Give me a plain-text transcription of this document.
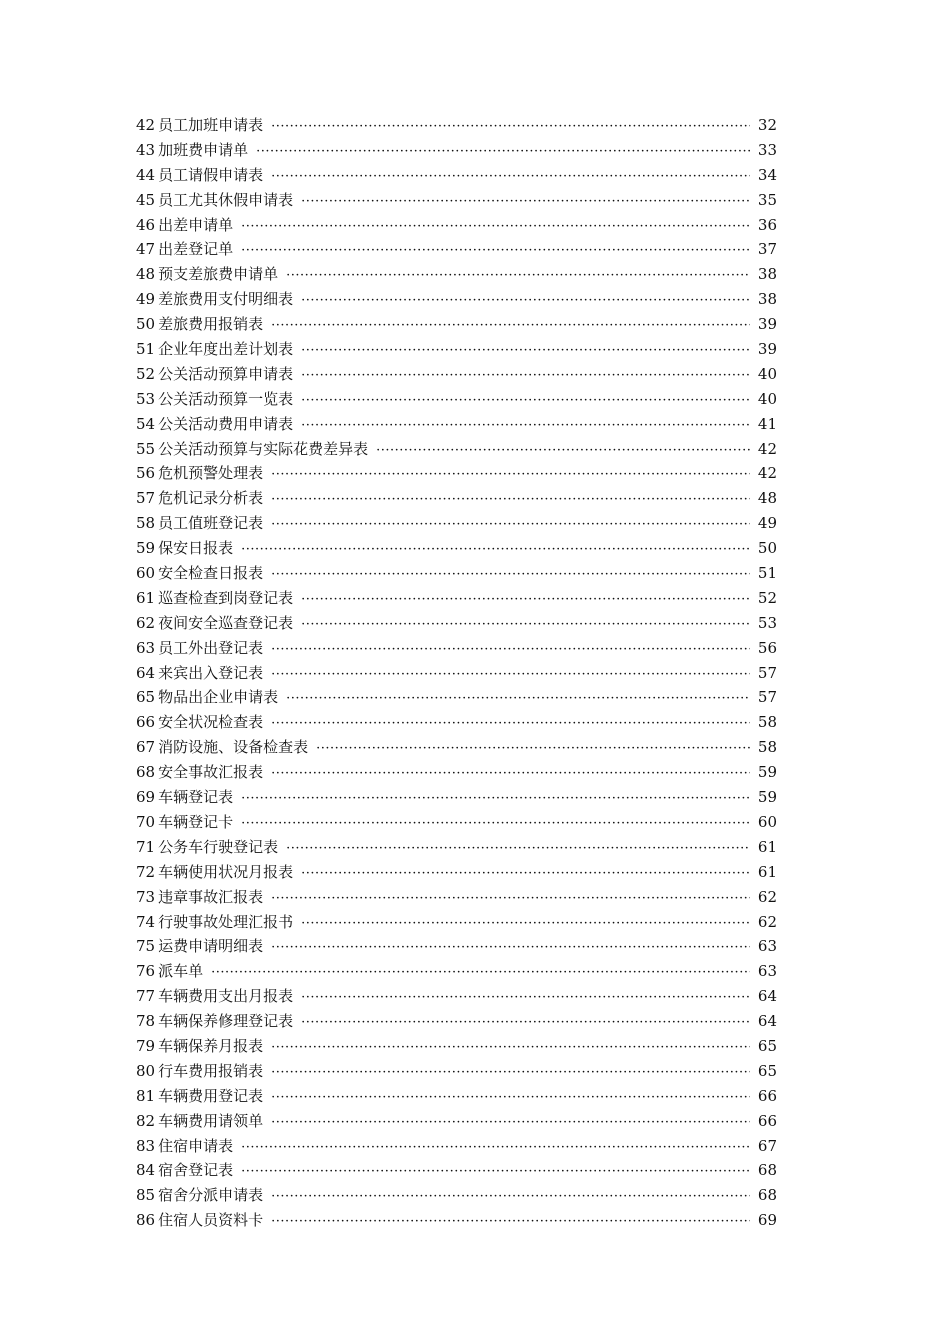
42 员工加班申请表 ·····	32
43 加班费申请单 ·····	33
44 员工请假申请表 ·····	34
45 员工尤其休假申请表 ·····	35
46 出差申请单 ·····	36
47 出差登记单 ·····	37
48 预支差旅费申请单 ·····	38
49 差旅费用支付明细表 ·····	38
50 差旅费用报销表 ·····	39
51 企业年度出差计划表 ·····	39
52 公关活动预算申请表 ·····	40
53 公关活动预算一览表 ·····	40
54 公关活动费用申请表 ·····	41
55 公关活动预算与实际花费差异表 ·····	42
56 危机预警处理表 ·····	42
57 危机记录分析表 ·····	48
58 员工值班登记表 ·····	49
59 保安日报表 ·····	50
60 安全检查日报表 ·····	51
61 巡查检查到岗登记表 ·····	52
62 夜间安全巡查登记表 ·····	53
63 员工外出登记表 ·····	56
64 来宾出入登记表 ·····	57
65 物品出企业申请表 ·····	57
66 安全状况检查表 ·····	58
67 消防设施、设备检查表 ·····	58
68 安全事故汇报表 ·····	59
69 车辆登记表 ·····	59
70 车辆登记卡 ·····	60
71 公务车行驶登记表 ·····	61
72 车辆使用状况月报表 ·····	61
73 违章事故汇报表 ·····	62
74 行驶事故处理汇报书 ·····	62
75 运费申请明细表 ·····	63
76 派车单 ·····	63
77 车辆费用支出月报表 ·····	64
78 车辆保养修理登记表 ·····	64
79 车辆保养月报表 ·····	65
80 行车费用报销表 ·····	65
81 车辆费用登记表 ·····	66
82 车辆费用请领单 ·····	66
83 住宿申请表 ·····	67
84 宿舍登记表 ·····	68
85 宿舍分派申请表 ·····	68
86 住宿人员资料卡 ·····	69
